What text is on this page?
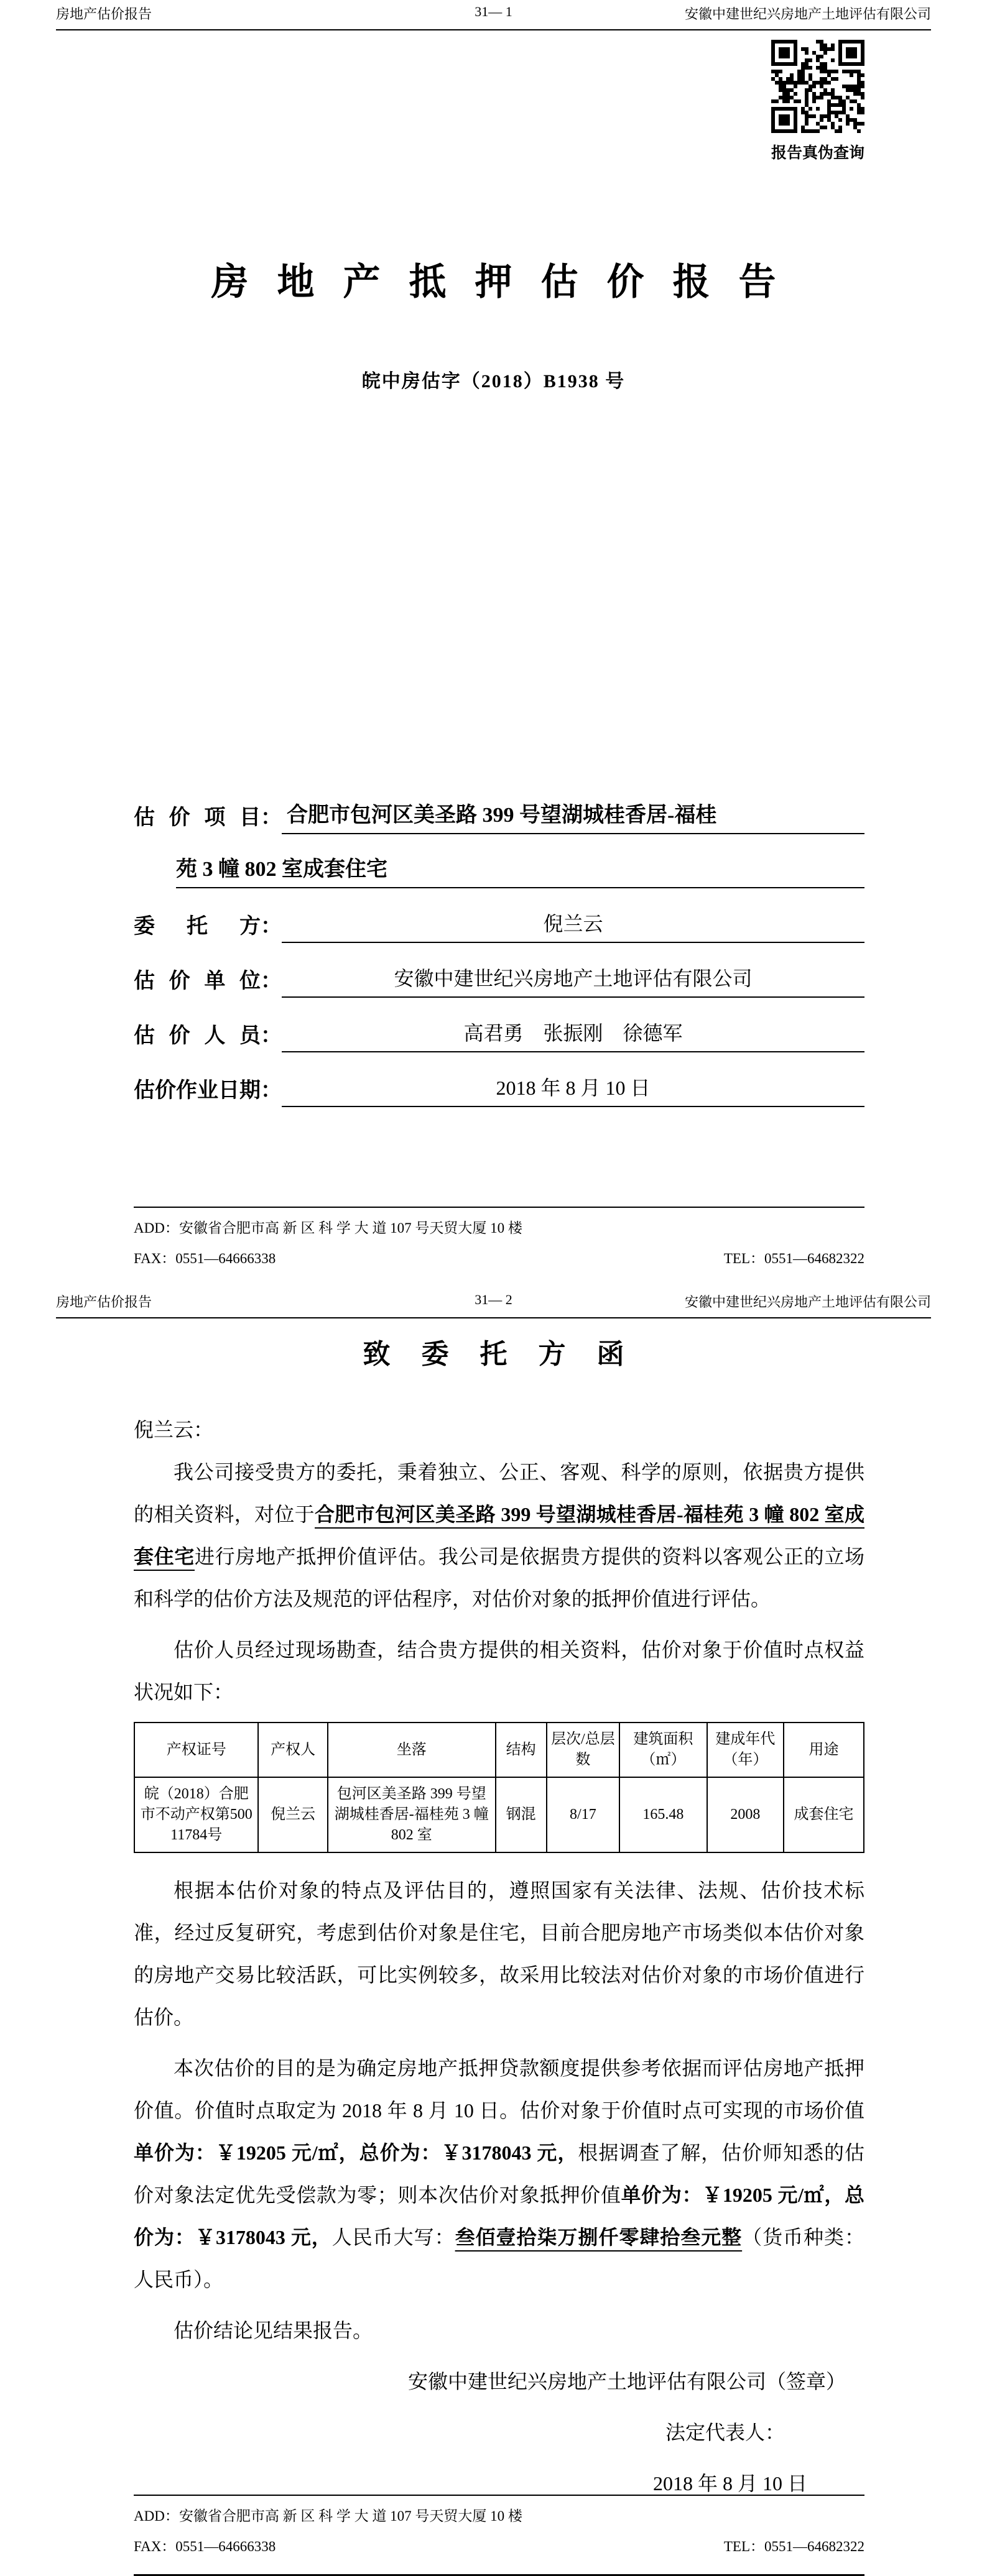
房地产估价报告	31— 1	安徽中建世纪兴房地产土地评估有限公司
报告真伪查询
房地产抵押估价报告
皖中房估字（2018）B1938 号
估价项目 ： 合肥市包河区美圣路 399 号望湖城桂香居-福桂
苑 3 幢 802 室成套住宅
委托方 ：	倪兰云
估价单位 ：	安徽中建世纪兴房地产土地评估有限公司
估价人员 ：	高君勇    张振刚    徐德军
估价作业日期 ：	2018 年 8 月 10 日
ADD：安徽省合肥市高 新 区 科 学 大 道 107 号天贸大厦 10 楼
FAX：0551—64666338	TEL：0551—64682322
房地产估价报告	31— 2	安徽中建世纪兴房地产土地评估有限公司
致委托方函

倪兰云：

我公司接受贵方的委托，秉着独立、公正、客观、科学的原则，依据贵方提供的相关资料，对位于合肥市包河区美圣路 399 号望湖城桂香居-福桂苑 3 幢 802 室成套住宅进行房地产抵押价值评估。我公司是依据贵方提供的资料以客观公正的立场和科学的估价方法及规范的评估程序，对估价对象的抵押价值进行评估。

估价人员经过现场勘查，结合贵方提供的相关资料，估价对象于价值时点权益状况如下：

产权证号	产权人	坐落	结构	层次/总层数	建筑面积（㎡）	建成年代（年）	用途
皖（2018）合肥市不动产权第50011784号	倪兰云	包河区美圣路 399 号望湖城桂香居-福桂苑 3 幢 802 室	钢混	8/17	165.48	2008	成套住宅

根据本估价对象的特点及评估目的，遵照国家有关法律、法规、估价技术标准，经过反复研究，考虑到估价对象是住宅，目前合肥房地产市场类似本估价对象的房地产交易比较活跃，可比实例较多，故采用比较法对估价对象的市场价值进行估价。

本次估价的目的是为确定房地产抵押贷款额度提供参考依据而评估房地产抵押价值。价值时点取定为 2018 年 8 月 10 日。估价对象于价值时点可实现的市场价值单价为：￥19205 元/㎡，总价为：￥3178043 元，根据调查了解，估价师知悉的估价对象法定优先受偿款为零；则本次估价对象抵押价值单价为：￥19205 元/㎡，总价为：￥3178043 元，人民币大写：叁佰壹拾柒万捌仟零肆拾叁元整（货币种类：人民币）。

估价结论见结果报告。

安徽中建世纪兴房地产土地评估有限公司（签章）

法定代表人：

2018 年 8 月 10 日

ADD：安徽省合肥市高 新 区 科 学 大 道 107 号天贸大厦 10 楼
FAX：0551—64666338	TEL：0551—64682322
